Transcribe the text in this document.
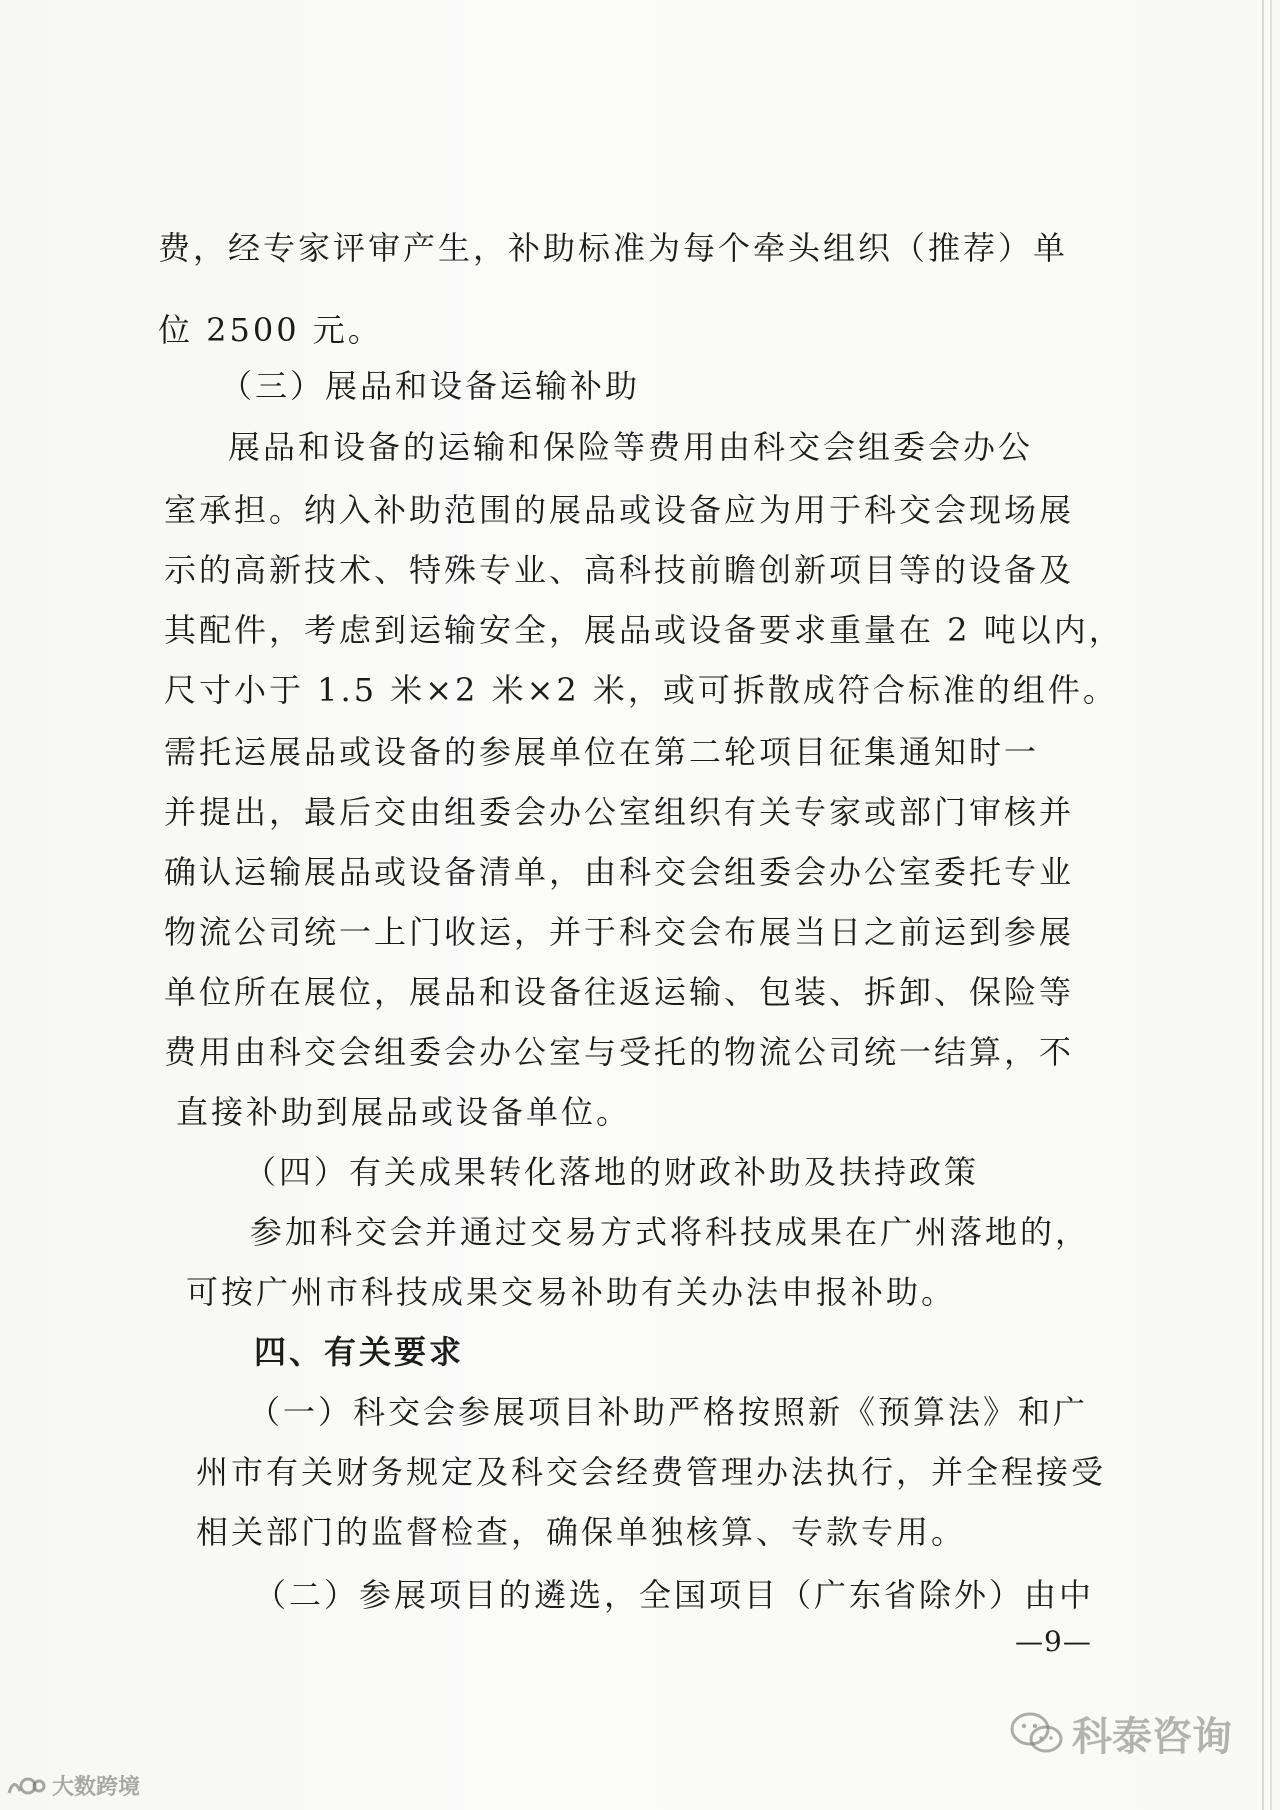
费，经专家评审产生，补助标准为每个牵头组织（推荐）单
位 2500 元。
（三）展品和设备运输补助
展品和设备的运输和保险等费用由科交会组委会办公
室承担。纳入补助范围的展品或设备应为用于科交会现场展
示的高新技术、特殊专业、高科技前瞻创新项目等的设备及
其配件，考虑到运输安全，展品或设备要求重量在 2 吨以内，
尺寸小于 1.5 米×2 米×2 米，或可拆散成符合标准的组件。
需托运展品或设备的参展单位在第二轮项目征集通知时一
并提出，最后交由组委会办公室组织有关专家或部门审核并
确认运输展品或设备清单，由科交会组委会办公室委托专业
物流公司统一上门收运，并于科交会布展当日之前运到参展
单位所在展位，展品和设备往返运输、包装、拆卸、保险等
费用由科交会组委会办公室与受托的物流公司统一结算，不
直接补助到展品或设备单位。
（四）有关成果转化落地的财政补助及扶持政策
参加科交会并通过交易方式将科技成果在广州落地的，
可按广州市科技成果交易补助有关办法申报补助。
四、有关要求
（一）科交会参展项目补助严格按照新《预算法》和广
州市有关财务规定及科交会经费管理办法执行，并全程接受
相关部门的监督检查，确保单独核算、专款专用。
（二）参展项目的遴选，全国项目（广东省除外）由中
—9—
科泰咨询
大数跨境
